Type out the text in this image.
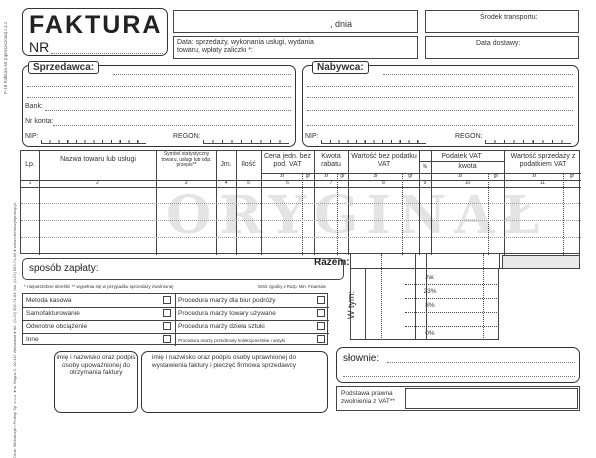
F-18 Faktura A5 (uproszczona) r.1.1
Druk: Michalczyk i Prokop Sp. z o.o. ● ul. Bagno 2, 00-112 Warszawa ● tel.: (0-22) 652-71-84, fax: (0-22) 652-71-86 ● www.michalczykprokop.pl
FAKTURA
NR
, dnia
Środek transportu:
Data: sprzedaży, wykonania usługi, wydania towaru, wpłaty zaliczki *:
Data dostawy:
Bank:
Nr konta:
NIP:	REGON:
Sprzedawca:
NIP:	REGON:
Nabywca:
ORYGINAŁ
Lp.
Nazwa towaru lub usługi
Symbol statystyczny towaru, usługi lub odp. przepis**	Jm.	Ilość
Cena jedn. bez pod. VAT
Kwota rabatu
Wartość bez podatku VAT
Podatek VAT
%	kwota
Wartość sprzedaży z podatkiem VAT
zł	gr	zł	gr	zł	gr	zł	gr	zł	gr
1	2	3	4	5	6	7	8	9	10	11
sposób zapłaty:
* niepotrzebne skreślić ** wypełnia się w przypadku sprzedaży zwolnionej	Wzór zgodny z Rozp. Min. Finansów
Metoda kasowa
Samofakturowanie
Odwrotne obciążenie
Inne
Procedura marży dla biur podróży
Procedura marży towary używane
Procedura marży dzieła sztuki
Procedura marży przedmioty kolekcjonerskie i antyki
Razem:
W tym:
zw.
23%
8%
0%
imię i nazwisko oraz podpis osoby upoważnionej do otrzymania faktury
imię i nazwisko oraz podpis osoby uprawnionej do wystawienia faktury i pieczęć firmowa sprzedawcy
słownie:
Podstawa prawna zwolnienia z VAT**
